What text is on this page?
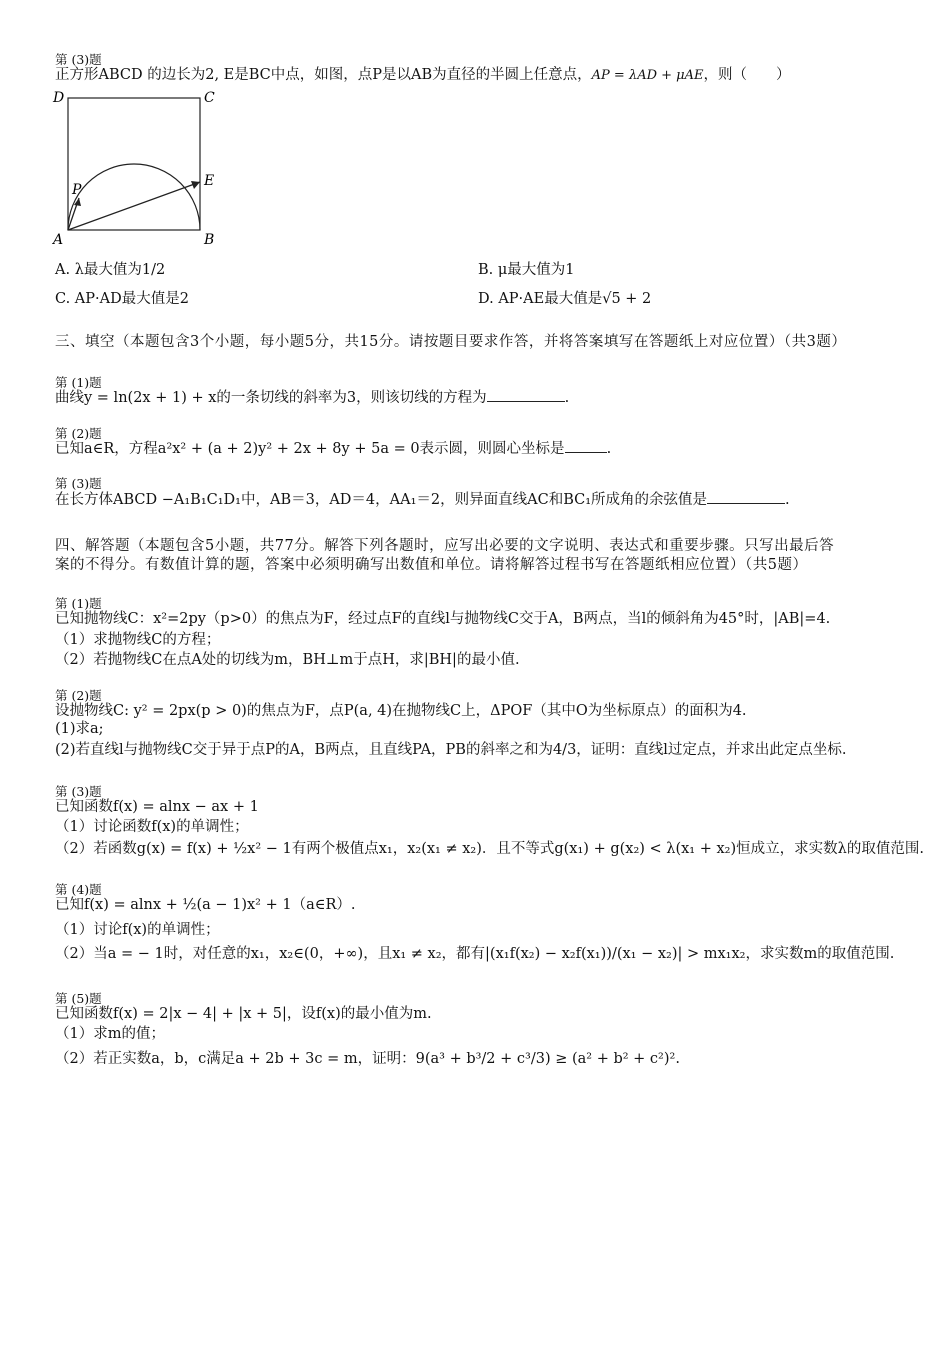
第 (3)题
正方形ABCD 的边长为2, E是BC中点，如图，点P是以AB为直径的半圆上任意点，AP = λAD + μAE，则（　　）
D	C
E
P
A	B
A. λ最大值为1/2	B. μ最大值为1
C. AP·AD最大值是2	D. AP·AE最大值是√5 + 2
三、填空（本题包含3个小题，每小题5分，共15分。请按题目要求作答，并将答案填写在答题纸上对应位置）（共3题）
第 (1)题
曲线y = ln(2x + 1) + x的一条切线的斜率为3，则该切线的方程为	.
第 (2)题
已知a∈R，方程a²x² + (a + 2)y² + 2x + 8y + 5a = 0表示圆，则圆心坐标是	.
第 (3)题
在长方体ABCD −A₁B₁C₁D₁中，AB＝3，AD＝4，AA₁＝2，则异面直线AC和BC₁所成角的余弦值是	.
四、解答题（本题包含5小题，共77分。解答下列各题时，应写出必要的文字说明、表达式和重要步骤。只写出最后答
案的不得分。有数值计算的题，答案中必须明确写出数值和单位。请将解答过程书写在答题纸相应位置）（共5题）
第 (1)题
已知抛物线C：x²=2py（p>0）的焦点为F，经过点F的直线l与抛物线C交于A，B两点，当l的倾斜角为45°时，|AB|=4.
（1）求抛物线C的方程；
（2）若抛物线C在点A处的切线为m，BH⊥m于点H，求|BH|的最小值.
第 (2)题
设抛物线C: y² = 2px(p > 0)的焦点为F，点P(a, 4)在抛物线C上，ΔPOF（其中O为坐标原点）的面积为4.
(1)求a;
(2)若直线l与抛物线C交于异于点P的A，B两点，且直线PA，PB的斜率之和为4/3，证明：直线l过定点，并求出此定点坐标.
第 (3)题
已知函数f(x) = alnx − ax + 1
（1）讨论函数f(x)的单调性；
（2）若函数g(x) = f(x) + ½x² − 1有两个极值点x₁，x₂(x₁ ≠ x₂)．且不等式g(x₁) + g(x₂) < λ(x₁ + x₂)恒成立，求实数λ的取值范围.
第 (4)题
已知f(x) = alnx + ½(a − 1)x² + 1（a∈R）.
（1）讨论f(x)的单调性；
（2）当a = − 1时，对任意的x₁，x₂∈(0，+∞)，且x₁ ≠ x₂，都有|(x₁f(x₂) − x₂f(x₁))/(x₁ − x₂)| > mx₁x₂，求实数m的取值范围.
第 (5)题
已知函数f(x) = 2|x − 4| + |x + 5|，设f(x)的最小值为m.
（1）求m的值；
（2）若正实数a，b，c满足a + 2b + 3c = m，证明：9(a³ + b³/2 + c³/3) ≥ (a² + b² + c²)².
